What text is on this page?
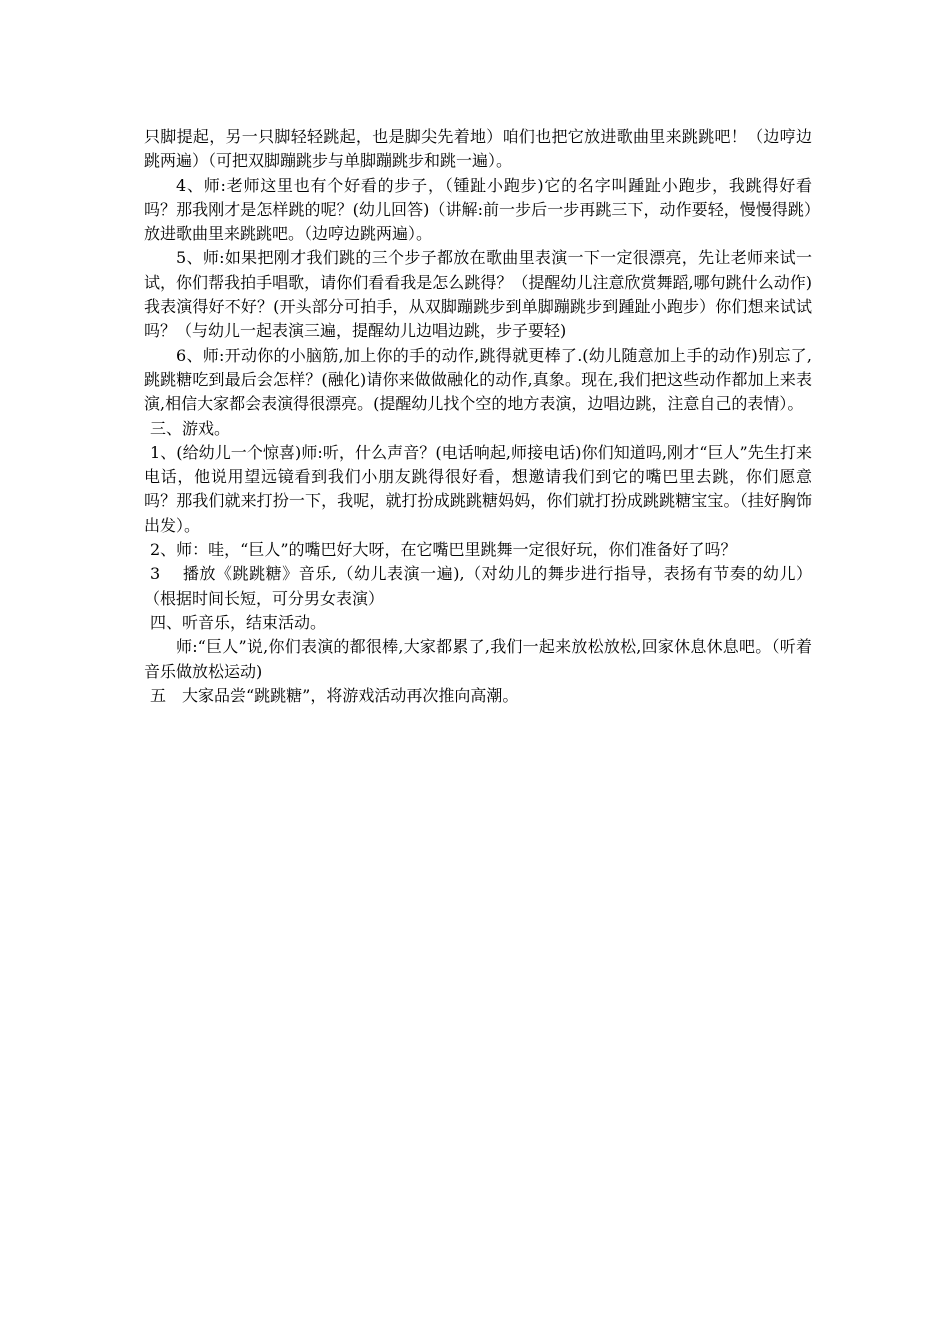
只脚提起，另一只脚轻轻跳起，也是脚尖先着地）咱们也把它放进歌曲里来跳跳吧！（边哼边跳两遍）（可把双脚蹦跳步与单脚蹦跳步和跳一遍）。

4、师:老师这里也有个好看的步子，（锺趾小跑步)它的名字叫踵趾小跑步，我跳得好看吗？那我刚才是怎样跳的呢？(幼儿回答)（讲解:前一步后一步再跳三下，动作要轻，慢慢得跳）放进歌曲里来跳跳吧。（边哼边跳两遍）。

5、师:如果把刚才我们跳的三个步子都放在歌曲里表演一下一定很漂亮，先让老师来试一试，你们帮我拍手唱歌，请你们看看我是怎么跳得？（提醒幼儿注意欣赏舞蹈,哪句跳什么动作)我表演得好不好？(开头部分可拍手，从双脚蹦跳步到单脚蹦跳步到踵趾小跑步）你们想来试试吗？（与幼儿一起表演三遍，提醒幼儿边唱边跳，步子要轻)

6、师:开动你的小脑筋,加上你的手的动作,跳得就更棒了.(幼儿随意加上手的动作)别忘了,跳跳糖吃到最后会怎样？(融化)请你来做做融化的动作,真象。现在,我们把这些动作都加上来表演,相信大家都会表演得很漂亮。(提醒幼儿找个空的地方表演，边唱边跳，注意自己的表情）。

三、游戏。

1、(给幼儿一个惊喜)师:听，什么声音？(电话响起,师接电话)你们知道吗,刚才“巨人”先生打来电话，他说用望远镜看到我们小朋友跳得很好看，想邀请我们到它的嘴巴里去跳，你们愿意吗？那我们就来打扮一下，我呢，就打扮成跳跳糖妈妈，你们就打扮成跳跳糖宝宝。（挂好胸饰出发）。

2、师：哇，“巨人”的嘴巴好大呀，在它嘴巴里跳舞一定很好玩，你们准备好了吗？

3　 播放《跳跳糖》音乐,（幼儿表演一遍),（对幼儿的舞步进行指导，表扬有节奏的幼儿）（根据时间长短，可分男女表演）

四、听音乐，结束活动。

师:“巨人”说,你们表演的都很棒,大家都累了,我们一起来放松放松,回家休息休息吧。（听着音乐做放松运动)

五　大家品尝“跳跳糖”，将游戏活动再次推向高潮。
